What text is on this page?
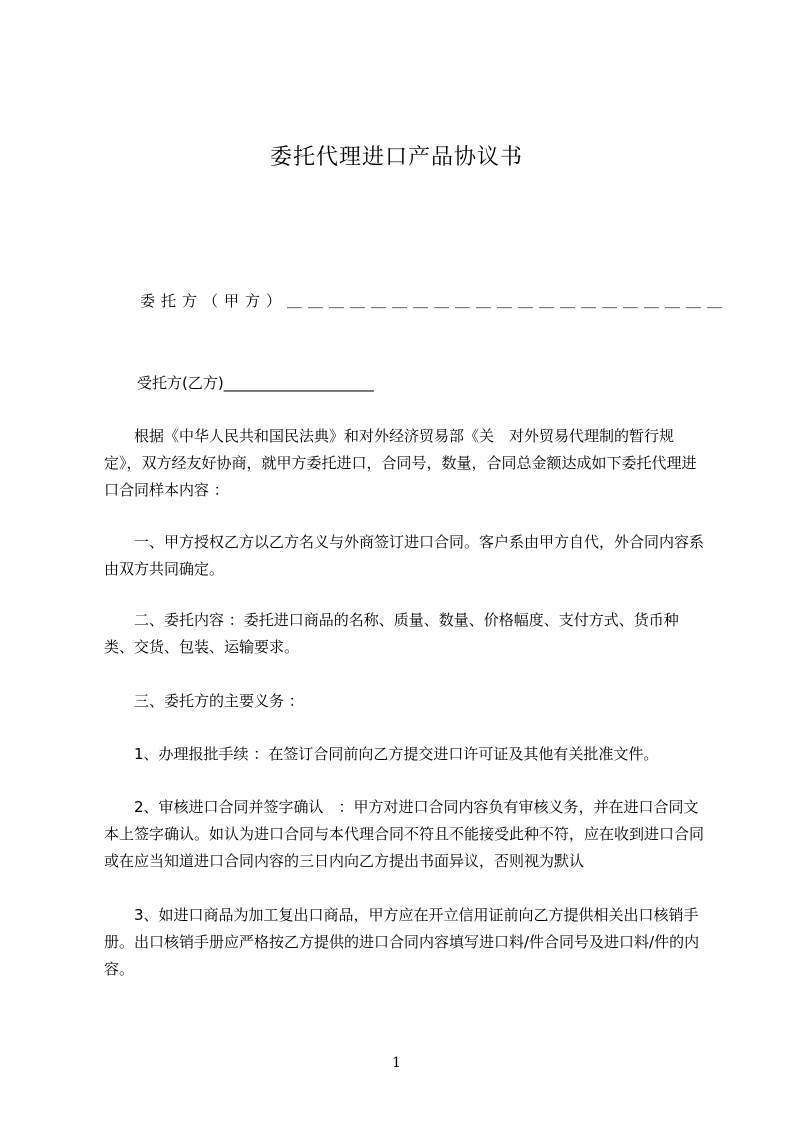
委托代理进口产品协议书
委托方（甲方）＿＿＿＿＿＿＿＿＿＿＿＿＿＿＿＿＿＿＿＿＿
受托方(乙方)____________________

　　根据《中华人民共和国民法典》和对外经济贸易部《关　对外贸易代理制的暂行规定》，双方经友好协商，就甲方委托进口，合同号，数量，合同总金额达成如下委托代理进口合同样本内容 ：

　　一、甲方授权乙方以乙方名义与外商签订进口合同。客户系由甲方自代，外合同内容系由双方共同确定。

　　二、委托内容 ：委托进口商品的名称、质量、数量、价格幅度、支付方式、货币种类、交货、包装、运输要求。

　　三、委托方的主要义务 ：

　　1、办理报批手续 ：在签订合同前向乙方提交进口许可证及其他有关批准文件。

　　2、审核进口合同并签字确认　：甲方对进口合同内容负有审核义务，并在进口合同文本上签字确认。如认为进口合同与本代理合同不符且不能接受此种不符，应在收到进口合同或在应当知道进口合同内容的三日内向乙方提出书面异议，否则视为默认

　　3、如进口商品为加工复出口商品，甲方应在开立信用证前向乙方提供相关出口核销手册。出口核销手册应严格按乙方提供的进口合同内容填写进口料/件合同号及进口料/件的内容。

1
